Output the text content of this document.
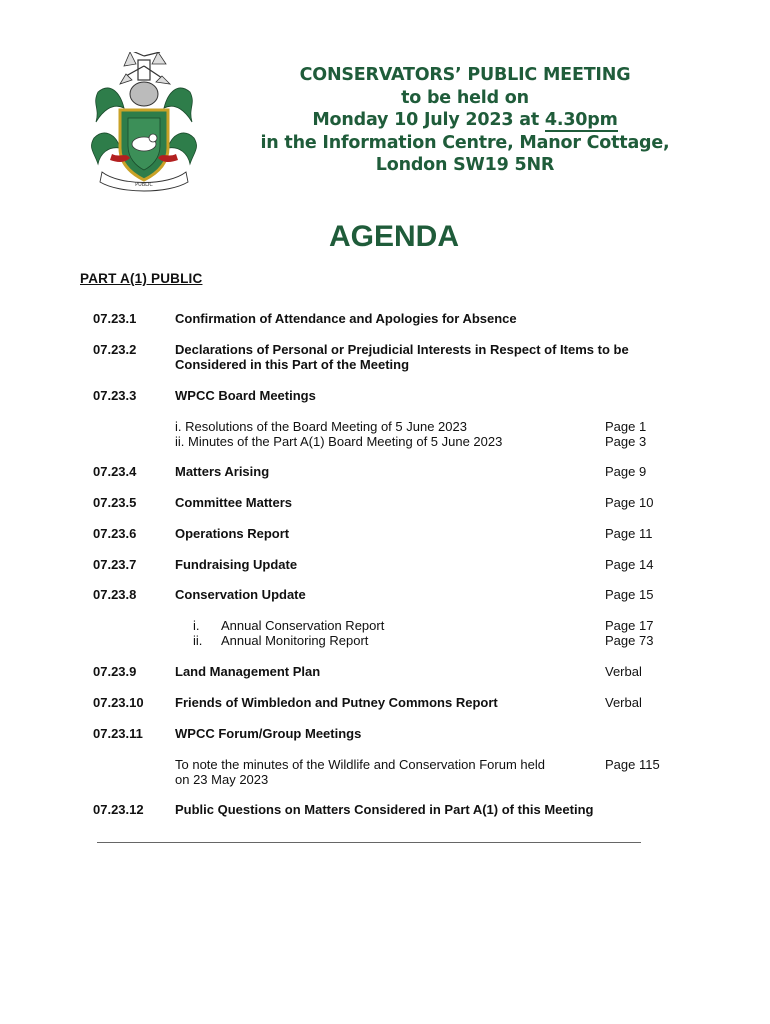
PUBLIC
CONSERVATORS’ PUBLIC MEETING
to be held on
Monday 10 July 2023 at 4.30pm
in the Information Centre, Manor Cottage,
London SW19 5NR
AGENDA
PART A(1) PUBLIC
07.23.1	Confirmation of Attendance and Apologies for Absence
07.23.2	Declarations of Personal or Prejudicial Interests in Respect of Items to be
Considered in this Part of the Meeting
07.23.3	WPCC Board Meetings
i. Resolutions of the Board Meeting of 5 June 2023	Page 1
ii. Minutes of the Part A(1) Board Meeting of 5 June 2023	Page 3
07.23.4	Matters Arising	Page 9
07.23.5	Committee Matters	Page 10
07.23.6	Operations Report	Page 11
07.23.7	Fundraising Update	Page 14
07.23.8	Conservation Update	Page 15
i. Annual Conservation Report	Page 17
ii. Annual Monitoring Report	Page 73
07.23.9	Land Management Plan	Verbal
07.23.10 Friends of Wimbledon and Putney Commons Report	Verbal
07.23.11 WPCC Forum/Group Meetings
To note the minutes of the Wildlife and Conservation Forum held	Page 115
on 23 May 2023
07.23.12 Public Questions on Matters Considered in Part A(1) of this Meeting
